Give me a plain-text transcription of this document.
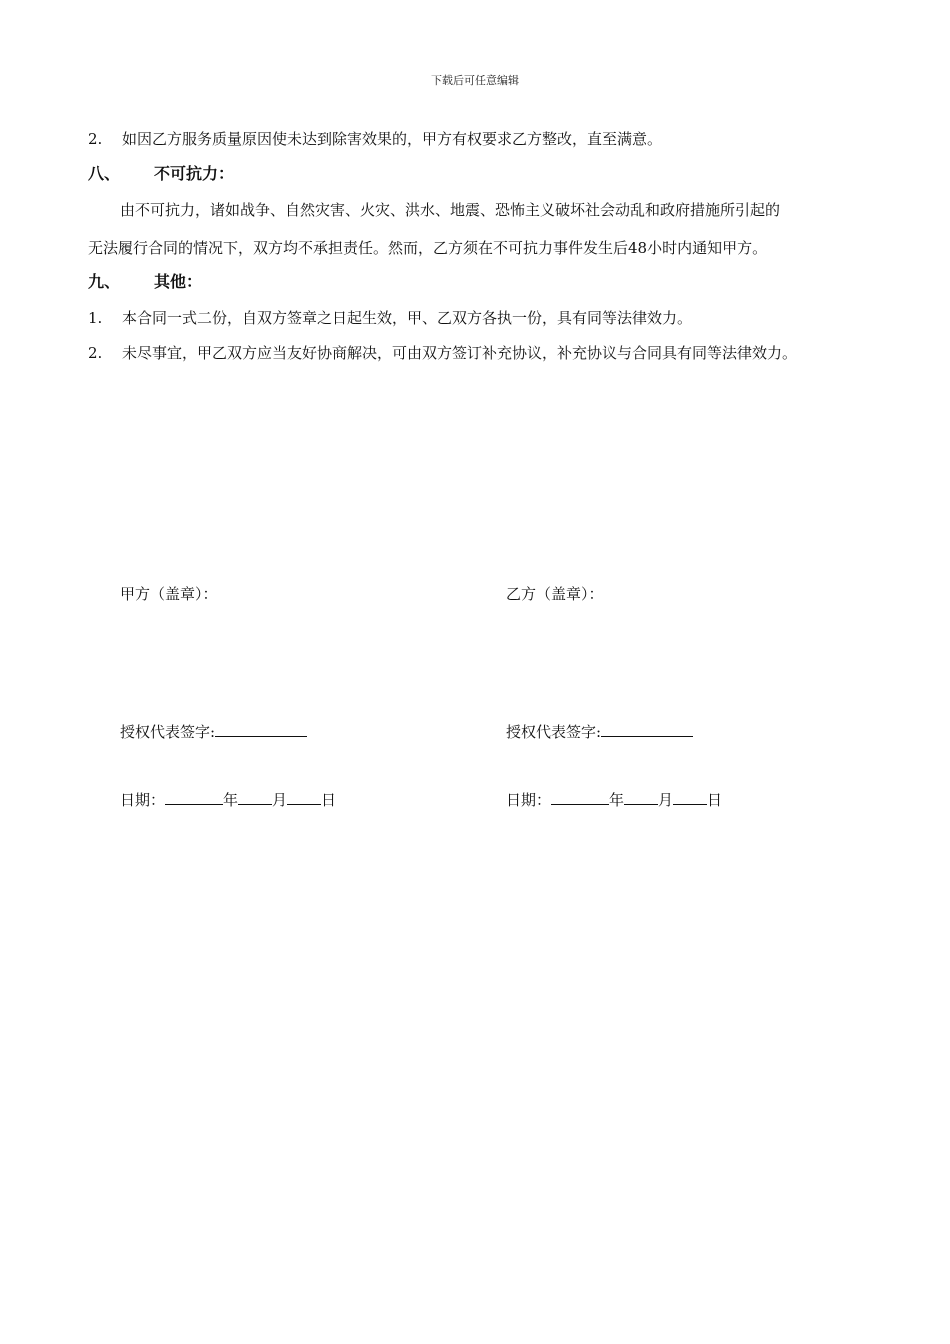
下载后可任意编辑
2. 如因乙方服务质量原因使未达到除害效果的，甲方有权要求乙方整改，直至满意。
八、 不可抗力：
由不可抗力，诸如战争、自然灾害、火灾、洪水、地震、恐怖主义破坏社会动乱和政府措施所引起的
无法履行合同的情况下，双方均不承担责任。然而，乙方须在不可抗力事件发生后48小时内通知甲方。
九、 其他：
1. 本合同一式二份，自双方签章之日起生效，甲、乙双方各执一份，具有同等法律效力。
2. 未尽事宜，甲乙双方应当友好协商解决，可由双方签订补充协议，补充协议与合同具有同等法律效力。
甲方（盖章）：
授权代表签字:
日期：	年 月 日
乙方（盖章）：
授权代表签字:
日期：	年 月 日
